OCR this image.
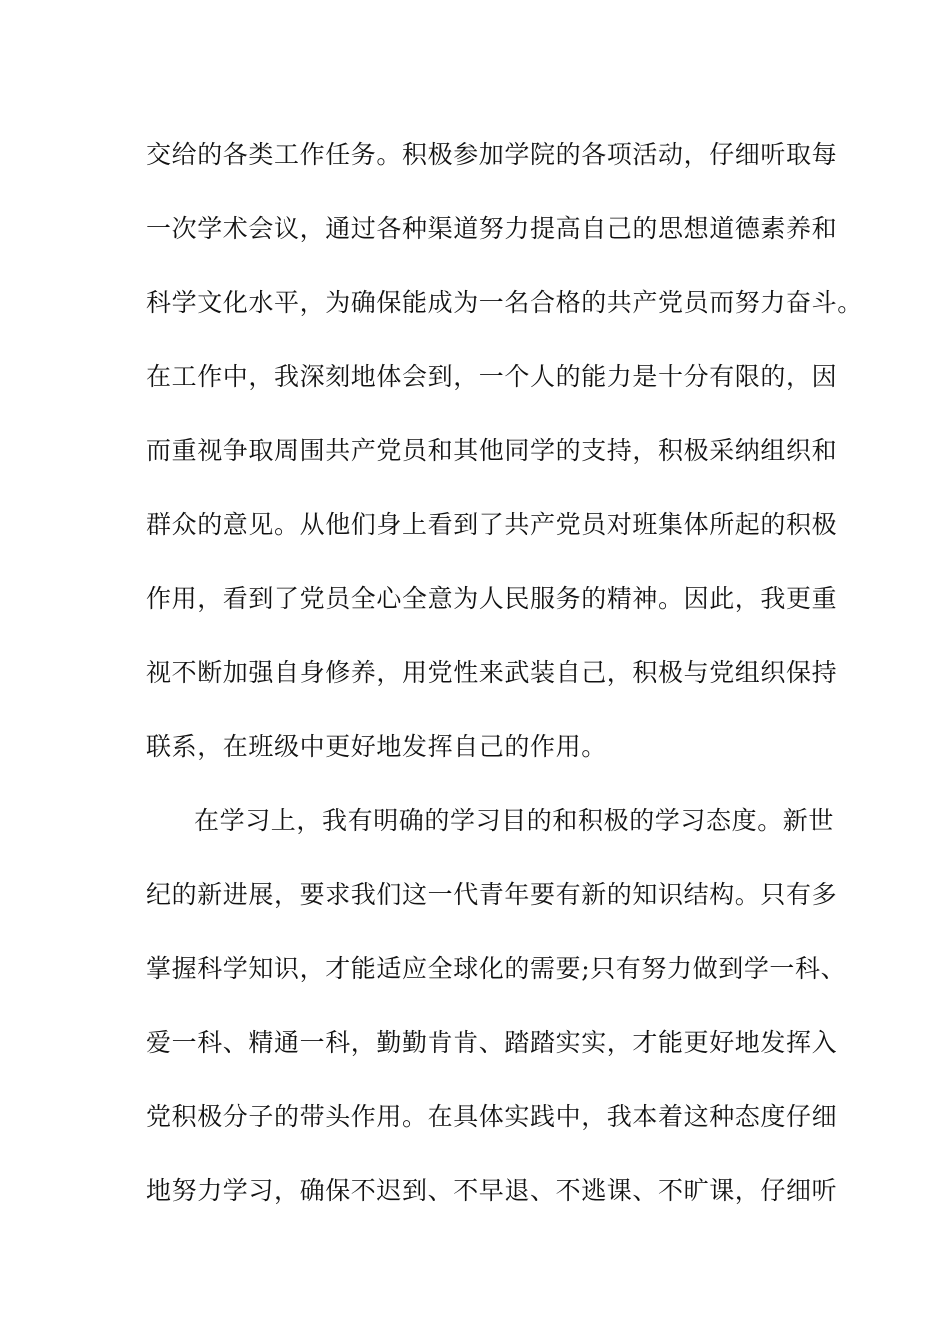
交给的各类工作任务。积极参加学院的各项活动，仔细听取每
一次学术会议，通过各种渠道努力提高自己的思想道德素养和
科学文化水平，为确保能成为一名合格的共产党员而努力奋斗。
在工作中，我深刻地体会到，一个人的能力是十分有限的，因
而重视争取周围共产党员和其他同学的支持，积极采纳组织和
群众的意见。从他们身上看到了共产党员对班集体所起的积极
作用，看到了党员全心全意为人民服务的精神。因此，我更重
视不断加强自身修养，用党性来武装自己，积极与党组织保持
联系，在班级中更好地发挥自己的作用。
在学习上，我有明确的学习目的和积极的学习态度。新世
纪的新进展，要求我们这一代青年要有新的知识结构。只有多
掌握科学知识，才能适应全球化的需要;只有努力做到学一科、
爱一科、精通一科，勤勤肯肯、踏踏实实，才能更好地发挥入
党积极分子的带头作用。在具体实践中，我本着这种态度仔细
地努力学习，确保不迟到、不早退、不逃课、不旷课，仔细听
